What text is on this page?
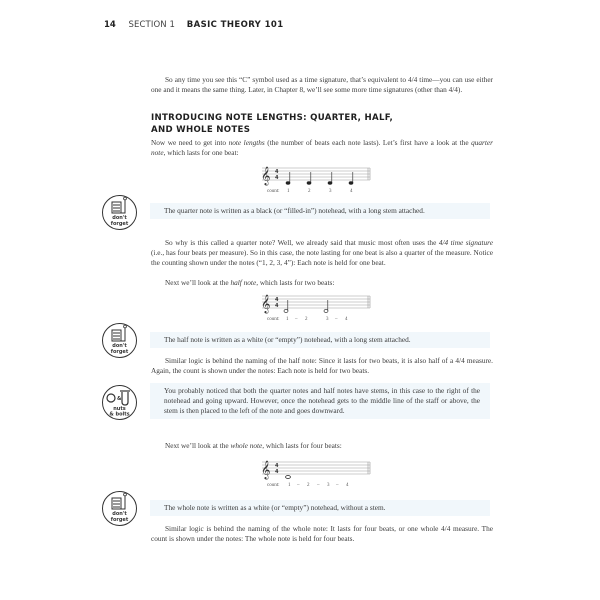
14 SECTION 1 BASIC THEORY 101
So any time you see this “C” symbol used as a time signature, that’s equivalent to 4/4 time—you can use either one and it means the same thing. Later, in Chapter 8, we’ll see some more time signatures (other than 4/4).
INTRODUCING NOTE LENGTHS: QUARTER, HALF,
AND WHOLE NOTES
Now we need to get into note lengths (the number of beats each note lasts). Let’s first have a look at the quarter note, which lasts for one beat:
𝄞 4
4
count: 1	2	3	4
don't
forget
The quarter note is written as a black (or “filled-in”) notehead, with a long stem attached.
So why is this called a quarter note? Well, we already said that music most often uses the 4/4 time signature (i.e., has four beats per measure). So in this case, the note lasting for one beat is also a quarter of the measure. Notice the counting shown under the notes (“1, 2, 3, 4”): Each note is held for one beat.
Next we’ll look at the half note, which lasts for two beats:
𝄞 4
4
count: 1 – 2	3 – 4
don't
forget
The half note is written as a white (or “empty”) notehead, with a long stem attached.
Similar logic is behind the naming of the half note: Since it lasts for two beats, it is also half of a 4/4 measure. Again, the count is shown under the notes: Each note is held for two beats.
&
nuts
& bolts
You probably noticed that both the quarter notes and half notes have stems, in this case to the right of the notehead and going upward. However, once the notehead gets to the middle line of the staff or above, the stem is then placed to the left of the note and goes downward.
Next we’ll look at the whole note, which lasts for four beats:
𝄞 4
4
count: 1 – 2 – 3 – 4
don't
forget
The whole note is written as a white (or “empty”) notehead, without a stem.
Similar logic is behind the naming of the whole note: It lasts for four beats, or one whole 4/4 measure. The count is shown under the notes: The whole note is held for four beats.
